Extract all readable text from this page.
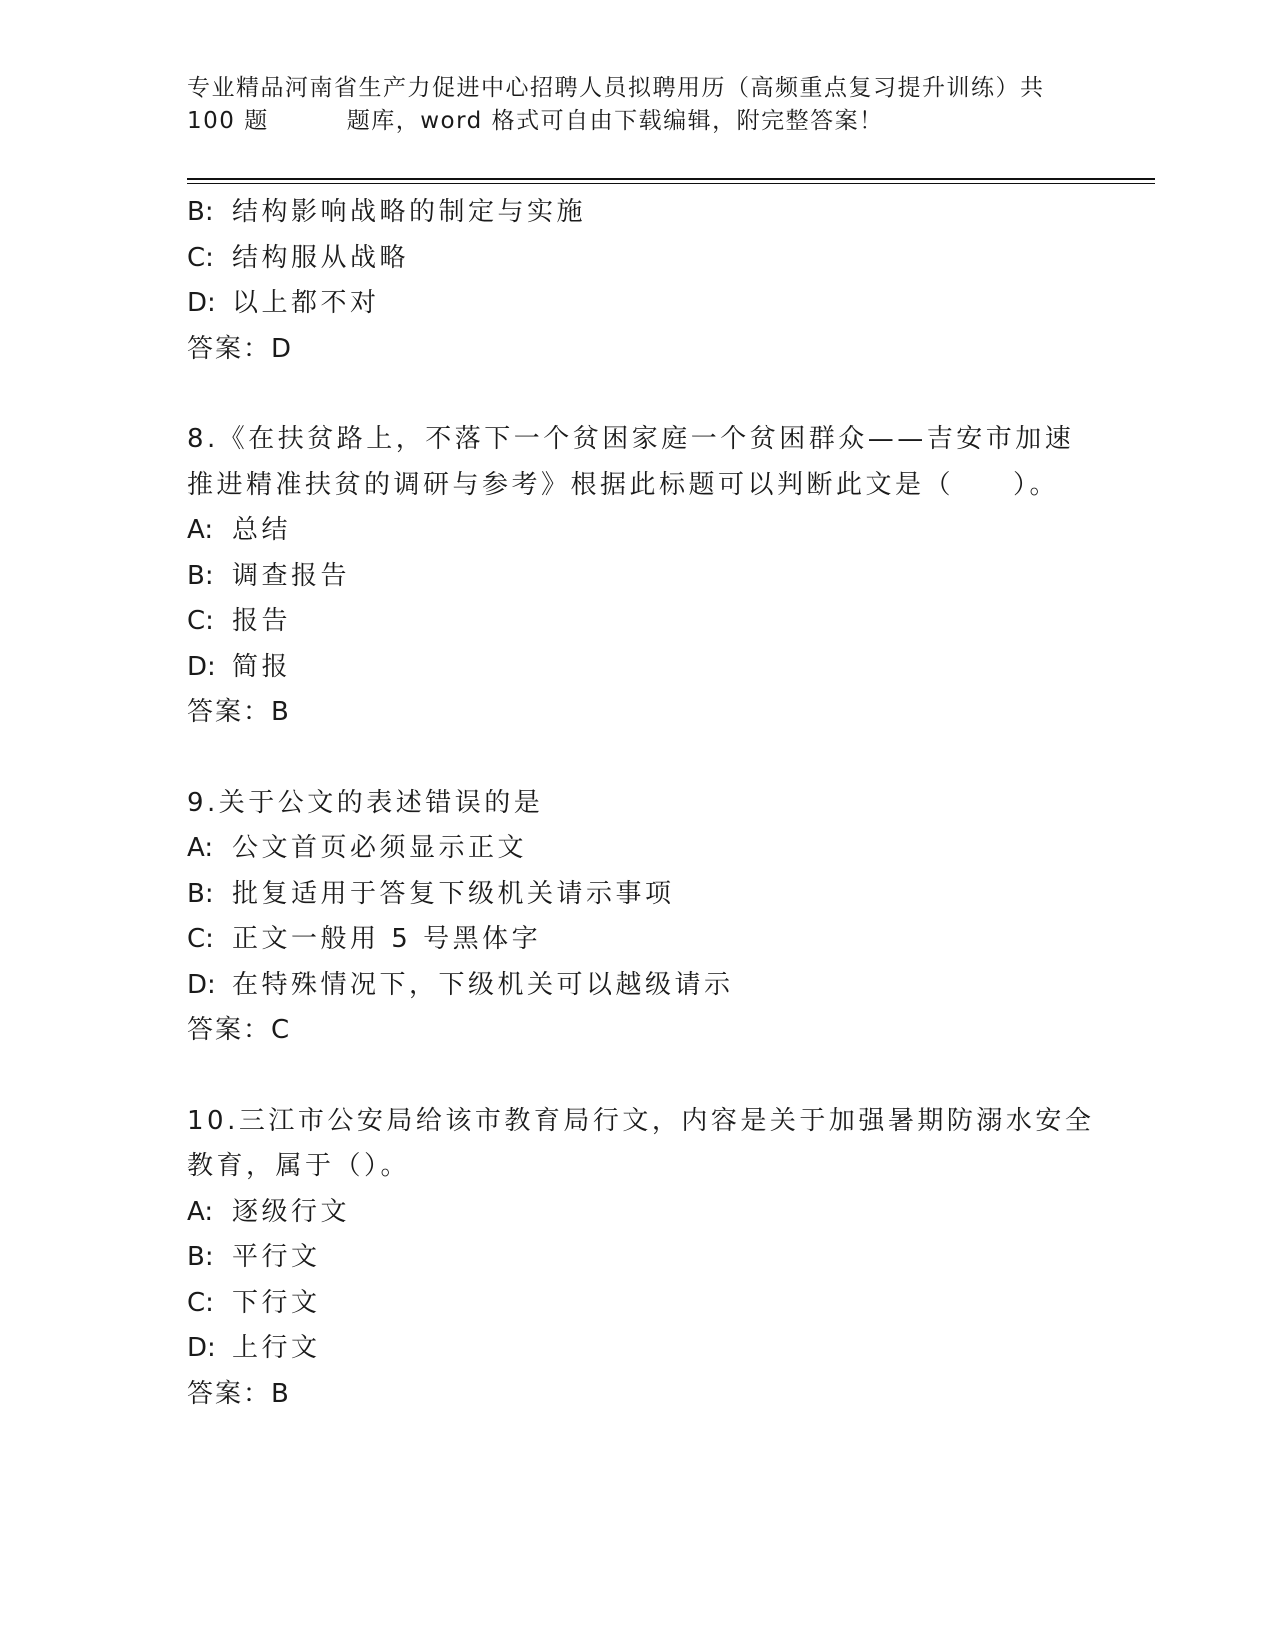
专业精品河南省生产力促进中心招聘人员拟聘用历（高频重点复习提升训练）共
100 题	题库，word 格式可自由下载编辑，附完整答案！
B: 结构影响战略的制定与实施
C: 结构服从战略
D: 以上都不对
答案：D
8.《在扶贫路上，不落下一个贫困家庭一个贫困群众——吉安市加速
推进精准扶贫的调研与参考》根据此标题可以判断此文是（　　）。
A: 总结
B: 调查报告
C: 报告
D: 简报
答案：B
9.关于公文的表述错误的是
A: 公文首页必须显示正文
B: 批复适用于答复下级机关请示事项
C: 正文一般用 5 号黑体字
D: 在特殊情况下，下级机关可以越级请示
答案：C
10.三江市公安局给该市教育局行文，内容是关于加强暑期防溺水安全
教育，属于（）。
A: 逐级行文
B: 平行文
C: 下行文
D: 上行文
答案：B
